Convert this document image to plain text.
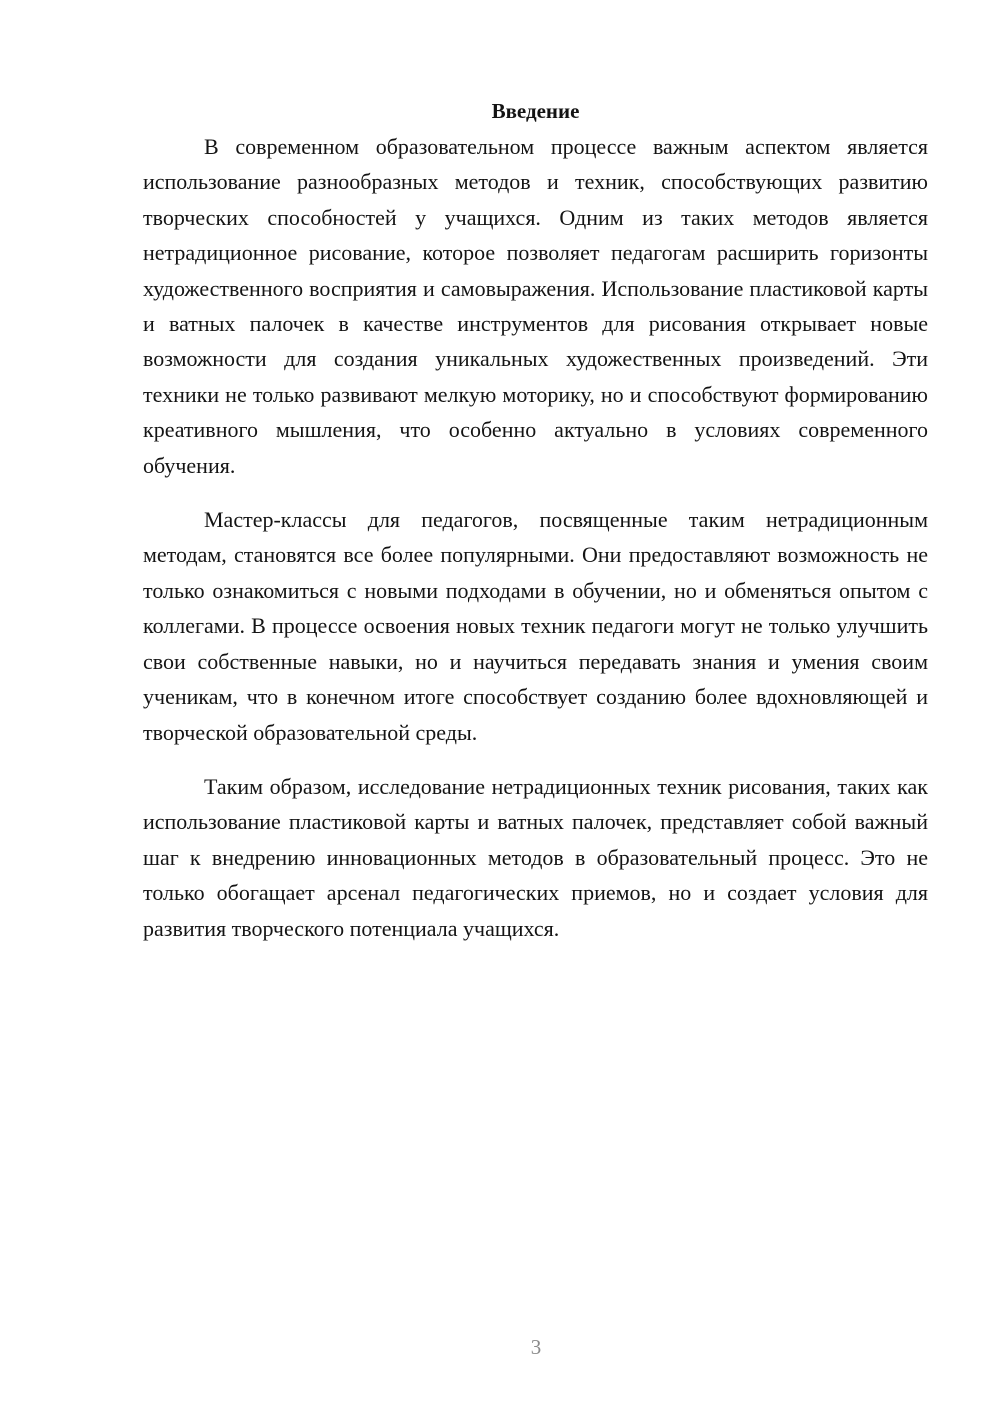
Введение

В современном образовательном процессе важным аспектом является использование разнообразных методов и техник, способствующих развитию творческих способностей у учащихся. Одним из таких методов является нетрадиционное рисование, которое позволяет педагогам расширить горизонты художественного восприятия и самовыражения. Использование пластиковой карты и ватных палочек в качестве инструментов для рисования открывает новые возможности для создания уникальных художественных произведений. Эти техники не только развивают мелкую моторику, но и способствуют формированию креативного мышления, что особенно актуально в условиях современного обучения.

Мастер-классы для педагогов, посвященные таким нетрадиционным методам, становятся все более популярными. Они предоставляют возможность не только ознакомиться с новыми подходами в обучении, но и обменяться опытом с коллегами. В процессе освоения новых техник педагоги могут не только улучшить свои собственные навыки, но и научиться передавать знания и умения своим ученикам, что в конечном итоге способствует созданию более вдохновляющей и творческой образовательной среды.

Таким образом, исследование нетрадиционных техник рисования, таких как использование пластиковой карты и ватных палочек, представляет собой важный шаг к внедрению инновационных методов в образовательный процесс. Это не только обогащает арсенал педагогических приемов, но и создает условия для развития творческого потенциала учащихся.

3
